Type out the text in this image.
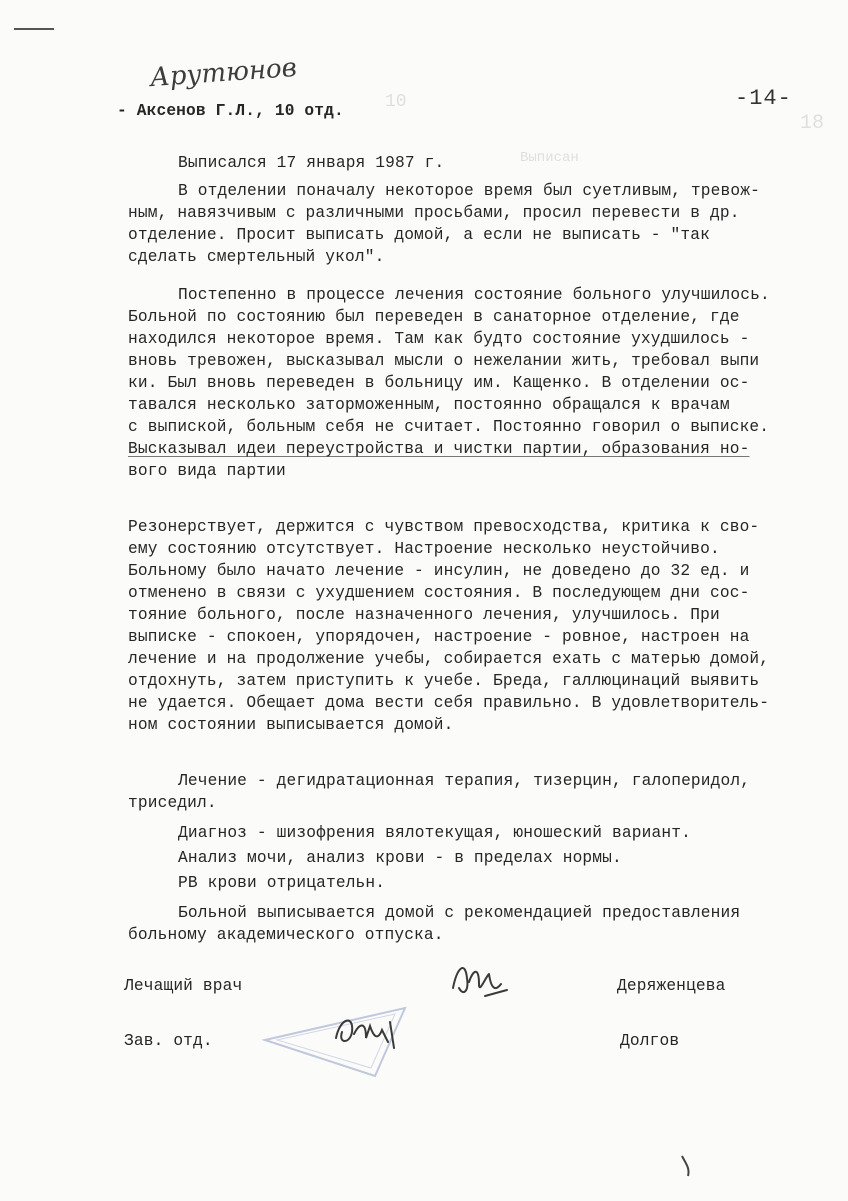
10
Выписан
18
Арутюнов
-14-
- Аксенов Г.Л., 10 отд.
Выписался 17 января 1987 г.
В отделении поначалу некоторое время был суетливым, тревож-
ным, навязчивым с различными просьбами, просил перевести в др.
отделение. Просит выписать домой, а если не выписать - "так
сделать смертельный укол".
Постепенно в процессе лечения состояние больного улучшилось.
Больной по состоянию был переведен в санаторное отделение, где
находился некоторое время. Там как будто состояние ухудшилось -
вновь тревожен, высказывал мысли о нежелании жить, требовал выпи
ки. Был вновь переведен в больницу им. Кащенко. В отделении ос-
тавался несколько заторможенным, постоянно обращался к врачам
с выпиской, больным себя не считает. Постоянно говорил о выписке.
Высказывал идеи переустройства и чистки партии, образования но-
вого вида партии
Резонерствует, держится с чувством превосходства, критика к сво-
ему состоянию отсутствует. Настроение несколько неустойчиво.
Больному было начато лечение - инсулин, не доведено до 32 ед. и
отменено в связи с ухудшением состояния. В последующем дни сос-
тояние больного, после назначенного лечения, улучшилось. При
выписке - спокоен, упорядочен, настроение - ровное, настроен на
лечение и на продолжение учебы, собирается ехать с матерью домой,
отдохнуть, затем приступить к учебе. Бреда, галлюцинаций выявить
не удается. Обещает дома вести себя правильно. В удовлетворитель-
ном состоянии выписывается домой.
Лечение - дегидратационная терапия, тизерцин, галоперидол,
триседил.
Диагноз - шизофрения вялотекущая, юношеский вариант.
Анализ мочи, анализ крови - в пределах нормы.
РВ крови отрицательн.
Больной выписывается домой с рекомендацией предоставления
больному академического отпуска.
Лечащий врач	Деряженцева
Зав. отд.	Долгов
